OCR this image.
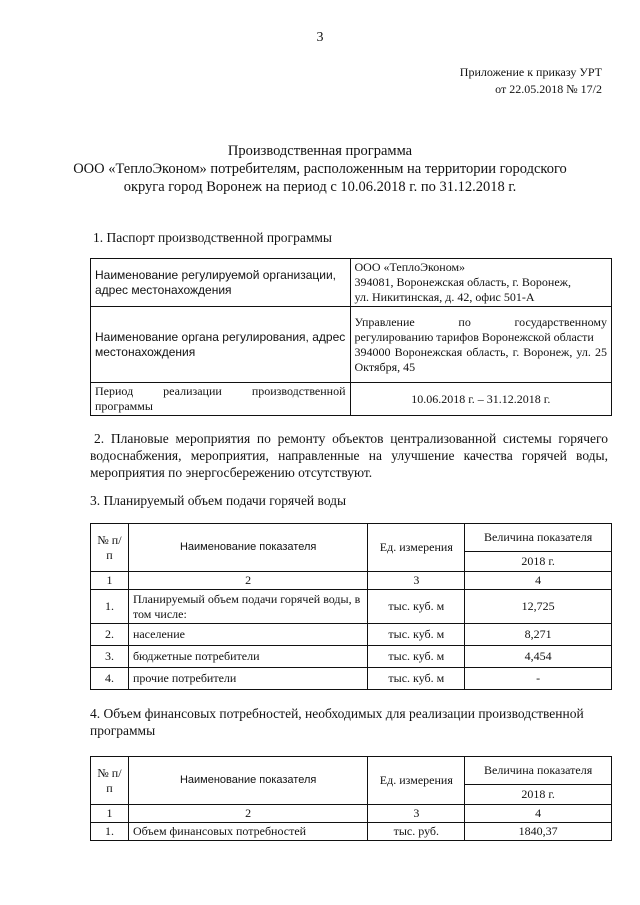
3
Приложение к приказу УРТ
от 22.05.2018 № 17/2
Производственная программа
ООО «ТеплоЭконом» потребителям, расположенным на территории городского
округа город Воронеж на период с 10.06.2018 г. по 31.12.2018 г.
1. Паспорт производственной программы
Наименование регулируемой организации, адрес местонахождения	ООО «ТеплоЭконом»
394081, Воронежская область, г. Воронеж,
ул. Никитинская, д. 42, офис 501-А

Наименование органа регулирования, адрес местонахождения	Управление по государственному регулированию тарифов Воронежской области
394000 Воронежская область, г. Воронеж, ул. 25 Октября, 45

Период реализации производственной программы	10.06.2018 г. – 31.12.2018 г.
2. Плановые мероприятия по ремонту объектов централизованной системы горячего водоснабжения, мероприятия, направленные на улучшение качества горячей воды, мероприятия по энергосбережению отсутствуют.
3. Планируемый объем подачи горячей воды
№ п/п	Наименование показателя	Ед. измерения	Величина показателя
			2018 г.
1	2	3	4
1.	Планируемый объем подачи горячей воды, в том числе:	тыс. куб. м	12,725
2.	население	тыс. куб. м	8,271
3.	бюджетные потребители	тыс. куб. м	4,454
4.	прочие потребители	тыс. куб. м	-
4. Объем финансовых потребностей, необходимых для реализации производственной программы
№ п/п	Наименование показателя	Ед. измерения	Величина показателя
			2018 г.
1	2	3	4
1.	Объем финансовых потребностей	тыс. руб.	1840,37
